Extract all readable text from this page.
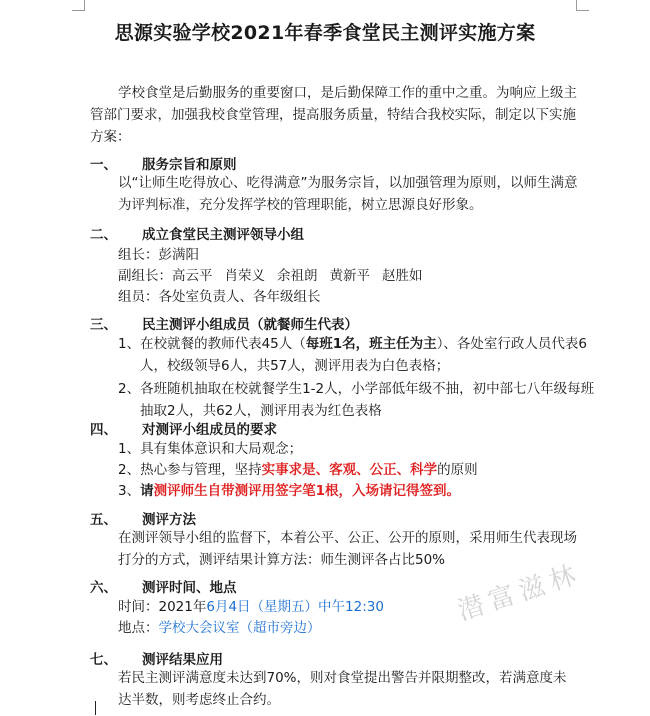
思源实验学校2021年春季食堂民主测评实施方案

学校食堂是后勤服务的重要窗口，是后勤保障工作的重中之重。为响应上级主管部门要求，加强我校食堂管理，提高服务质量，特结合我校实际，制定以下实施方案：

一、 服务宗旨和原则

以“让师生吃得放心、吃得满意”为服务宗旨，以加强管理为原则，以师生满意为评判标准，充分发挥学校的管理职能，树立思源良好形象。

二、 成立食堂民主测评领导小组
组长：彭满阳
副组长：高云平 肖荣义 余祖朗 黄新平 赵胜如
组员：各处室负责人、各年级组长
三、 民主测评小组成员（就餐师生代表）

1、在校就餐的教师代表45人（每班1名，班主任为主）、各处室行政人员代表6人，校级领导6人，共57人，测评用表为白色表格；

2、各班随机抽取在校就餐学生1-2人，小学部低年级不抽，初中部七八年级每班抽取2人，共62人，测评用表为红色表格

四、 对测评小组成员的要求
1、具有集体意识和大局观念；
2、热心参与管理，坚持实事求是、客观、公正、科学的原则
3、请测评师生自带测评用签字笔1根，入场请记得签到。
五、 测评方法

在测评领导小组的监督下，本着公平、公正、公开的原则，采用师生代表现场打分的方式，测评结果计算方法：师生测评各占比50%

六、 测评时间、地点
时间：2021年6月4日（星期五）中午12:30
地点：学校大会议室（超市旁边）
七、 测评结果应用

若民主测评满意度未达到70%，则对食堂提出警告并限期整改，若满意度未达半数，则考虑终止合约。

潜富滋林
